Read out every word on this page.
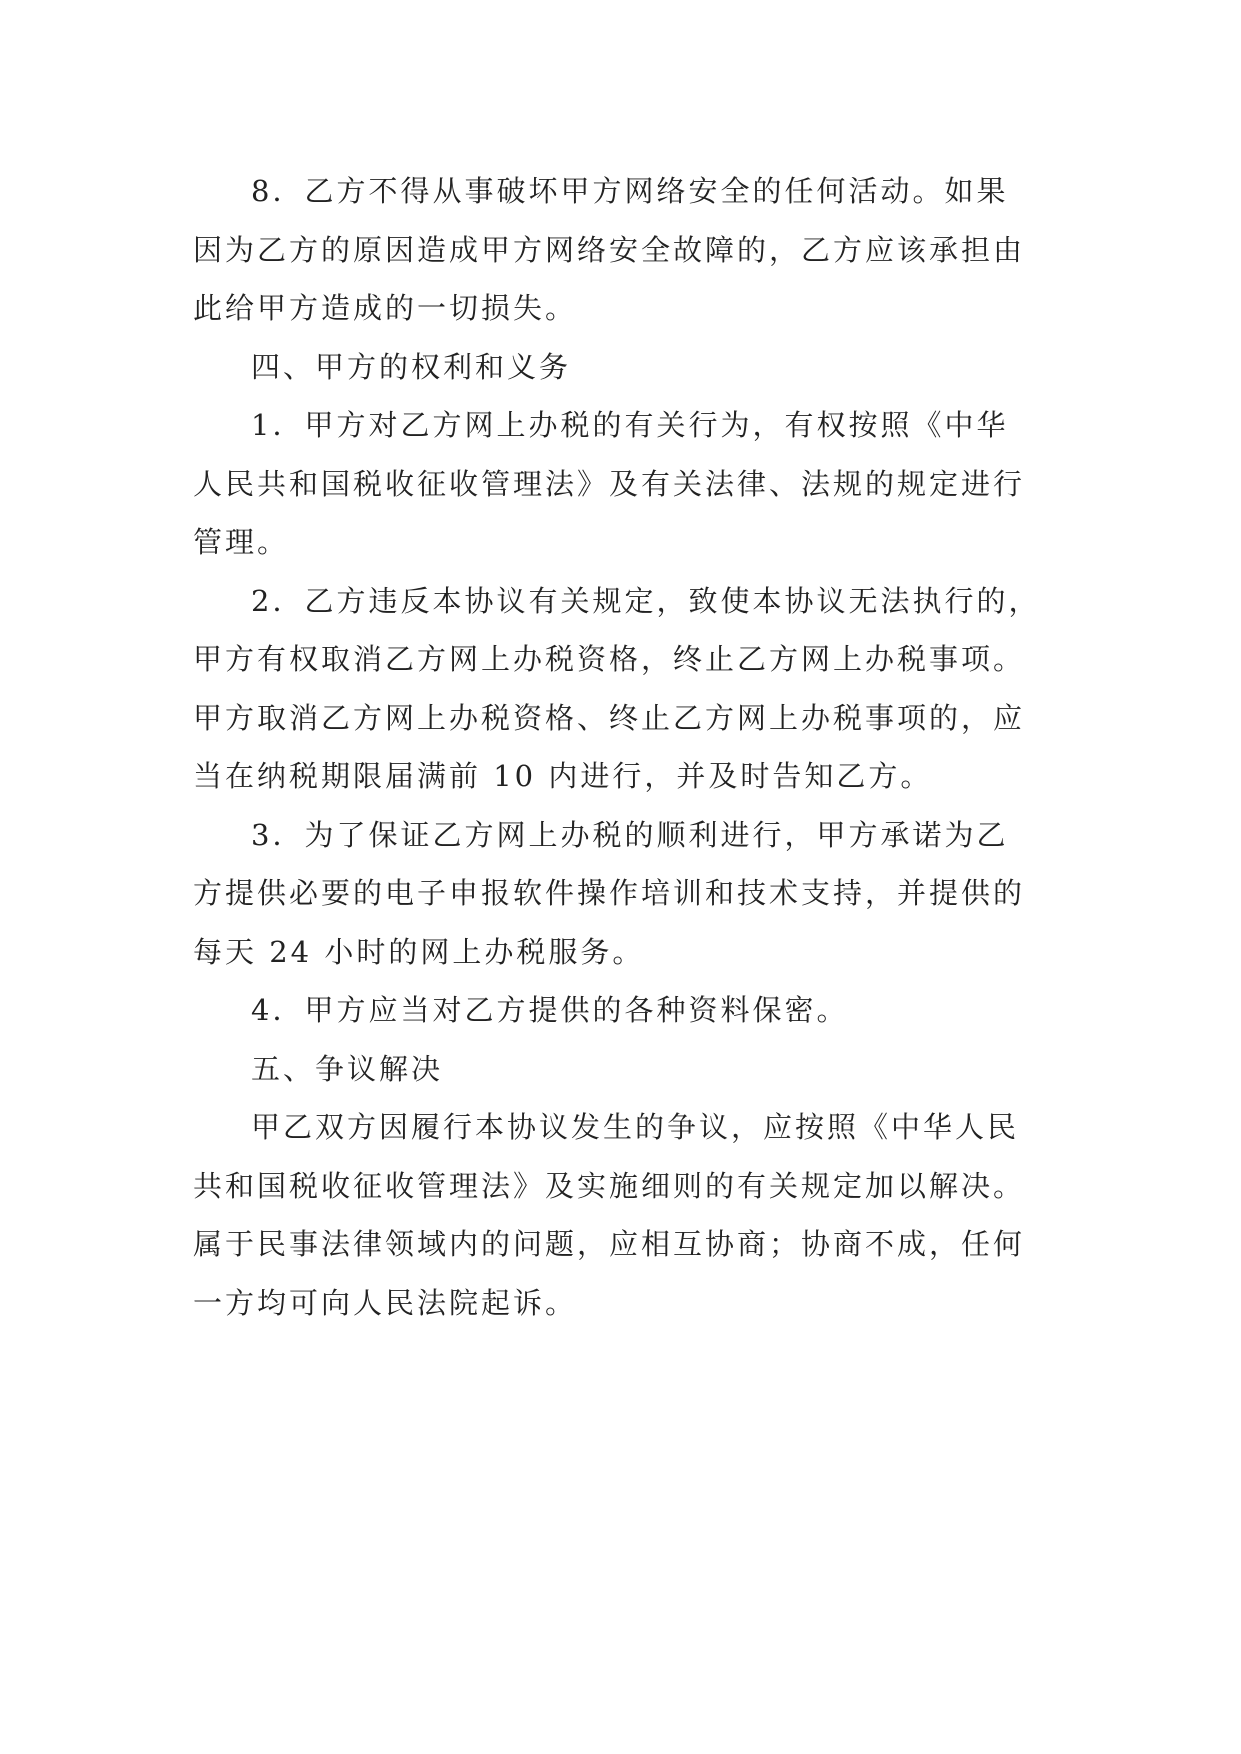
8．乙方不得从事破坏甲方网络安全的任何活动。如果
因为乙方的原因造成甲方网络安全故障的，乙方应该承担由
此给甲方造成的一切损失。

四、甲方的权利和义务

1．甲方对乙方网上办税的有关行为，有权按照《中华
人民共和国税收征收管理法》及有关法律、法规的规定进行
管理。

2．乙方违反本协议有关规定，致使本协议无法执行的，
甲方有权取消乙方网上办税资格，终止乙方网上办税事项。
甲方取消乙方网上办税资格、终止乙方网上办税事项的，应
当在纳税期限届满前 10 内进行，并及时告知乙方。

3．为了保证乙方网上办税的顺利进行，甲方承诺为乙
方提供必要的电子申报软件操作培训和技术支持，并提供的
每天 24 小时的网上办税服务。

4．甲方应当对乙方提供的各种资料保密。

五、争议解决

甲乙双方因履行本协议发生的争议，应按照《中华人民
共和国税收征收管理法》及实施细则的有关规定加以解决。
属于民事法律领域内的问题，应相互协商；协商不成，任何
一方均可向人民法院起诉。
